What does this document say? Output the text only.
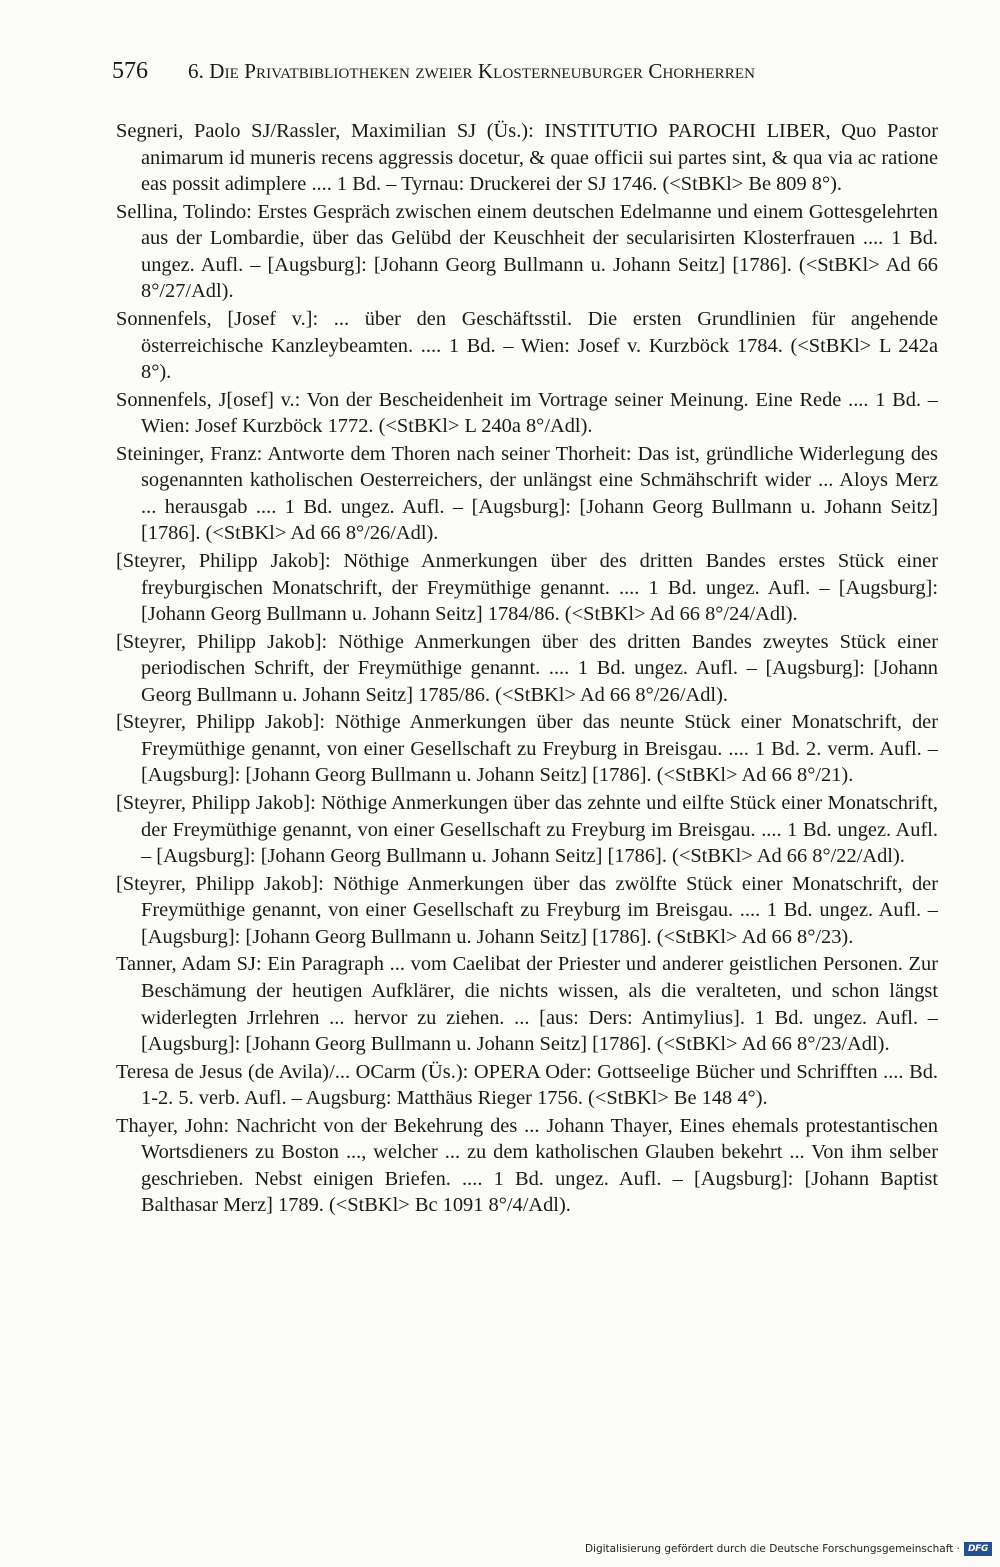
576	6. Die Privatbibliotheken zweier Klosterneuburger Chorherren

Segneri, Paolo SJ/Rassler, Maximilian SJ (Üs.): INSTITUTIO PAROCHI LIBER, Quo Pastor animarum id muneris recens aggressis docetur, & quae officii sui partes sint, & qua via ac ratione eas possit adimplere .... 1 Bd. – Tyrnau: Druckerei der SJ 1746. (<StBKl> Be 809 8°).

Sellina, Tolindo: Erstes Gespräch zwischen einem deutschen Edelmanne und einem Gottesgelehrten aus der Lombardie, über das Gelübd der Keuschheit der secularisirten Klosterfrauen .... 1 Bd. ungez. Aufl. – [Augsburg]: [Johann Georg Bullmann u. Johann Seitz] [1786]. (<StBKl> Ad 66 8°/27/Adl).

Sonnenfels, [Josef v.]: ... über den Geschäftsstil. Die ersten Grundlinien für angehende österreichische Kanzleybeamten. .... 1 Bd. – Wien: Josef v. Kurzböck 1784. (<StBKl> L 242a 8°).

Sonnenfels, J[osef] v.: Von der Bescheidenheit im Vortrage seiner Meinung. Eine Rede .... 1 Bd. – Wien: Josef Kurzböck 1772. (<StBKl> L 240a 8°/Adl).

Steininger, Franz: Antworte dem Thoren nach seiner Thorheit: Das ist, gründliche Widerlegung des sogenannten katholischen Oesterreichers, der unlängst eine Schmähschrift wider ... Aloys Merz ... herausgab .... 1 Bd. ungez. Aufl. – [Augsburg]: [Johann Georg Bullmann u. Johann Seitz] [1786]. (<StBKl> Ad 66 8°/26/Adl).

[Steyrer, Philipp Jakob]: Nöthige Anmerkungen über des dritten Bandes erstes Stück einer freyburgischen Monatschrift, der Freymüthige genannt. .... 1 Bd. ungez. Aufl. – [Augsburg]: [Johann Georg Bullmann u. Johann Seitz] 1784/86. (<StBKl> Ad 66 8°/24/Adl).

[Steyrer, Philipp Jakob]: Nöthige Anmerkungen über des dritten Bandes zweytes Stück einer periodischen Schrift, der Freymüthige genannt. .... 1 Bd. ungez. Aufl. – [Augsburg]: [Johann Georg Bullmann u. Johann Seitz] 1785/86. (<StBKl> Ad 66 8°/26/Adl).

[Steyrer, Philipp Jakob]: Nöthige Anmerkungen über das neunte Stück einer Monatschrift, der Freymüthige genannt, von einer Gesellschaft zu Freyburg in Breisgau. .... 1 Bd. 2. verm. Aufl. – [Augsburg]: [Johann Georg Bullmann u. Johann Seitz] [1786]. (<StBKl> Ad 66 8°/21).

[Steyrer, Philipp Jakob]: Nöthige Anmerkungen über das zehnte und eilfte Stück einer Monatschrift, der Freymüthige genannt, von einer Gesellschaft zu Freyburg im Breisgau. .... 1 Bd. ungez. Aufl. – [Augsburg]: [Johann Georg Bullmann u. Johann Seitz] [1786]. (<StBKl> Ad 66 8°/22/Adl).

[Steyrer, Philipp Jakob]: Nöthige Anmerkungen über das zwölfte Stück einer Monatschrift, der Freymüthige genannt, von einer Gesellschaft zu Freyburg im Breisgau. .... 1 Bd. ungez. Aufl. – [Augsburg]: [Johann Georg Bullmann u. Johann Seitz] [1786]. (<StBKl> Ad 66 8°/23).

Tanner, Adam SJ: Ein Paragraph ... vom Caelibat der Priester und anderer geistlichen Personen. Zur Beschämung der heutigen Aufklärer, die nichts wissen, als die veralteten, und schon längst widerlegten Jrrlehren ... hervor zu ziehen. ... [aus: Ders: Antimylius]. 1 Bd. ungez. Aufl. – [Augsburg]: [Johann Georg Bullmann u. Johann Seitz] [1786]. (<StBKl> Ad 66 8°/23/Adl).

Teresa de Jesus (de Avila)/... OCarm (Üs.): OPERA Oder: Gottseelige Bücher und Schrifften .... Bd. 1-2. 5. verb. Aufl. – Augsburg: Matthäus Rieger 1756. (<StBKl> Be 148 4°).

Thayer, John: Nachricht von der Bekehrung des ... Johann Thayer, Eines ehemals protestantischen Wortsdieners zu Boston ..., welcher ... zu dem katholischen Glauben bekehrt ... Von ihm selber geschrieben. Nebst einigen Briefen. .... 1 Bd. ungez. Aufl. – [Augsburg]: [Johann Baptist Balthasar Merz] 1789. (<StBKl> Bc 1091 8°/4/Adl).

Digitalisierung gefördert durch die Deutsche Forschungsgemeinschaft · DFG
